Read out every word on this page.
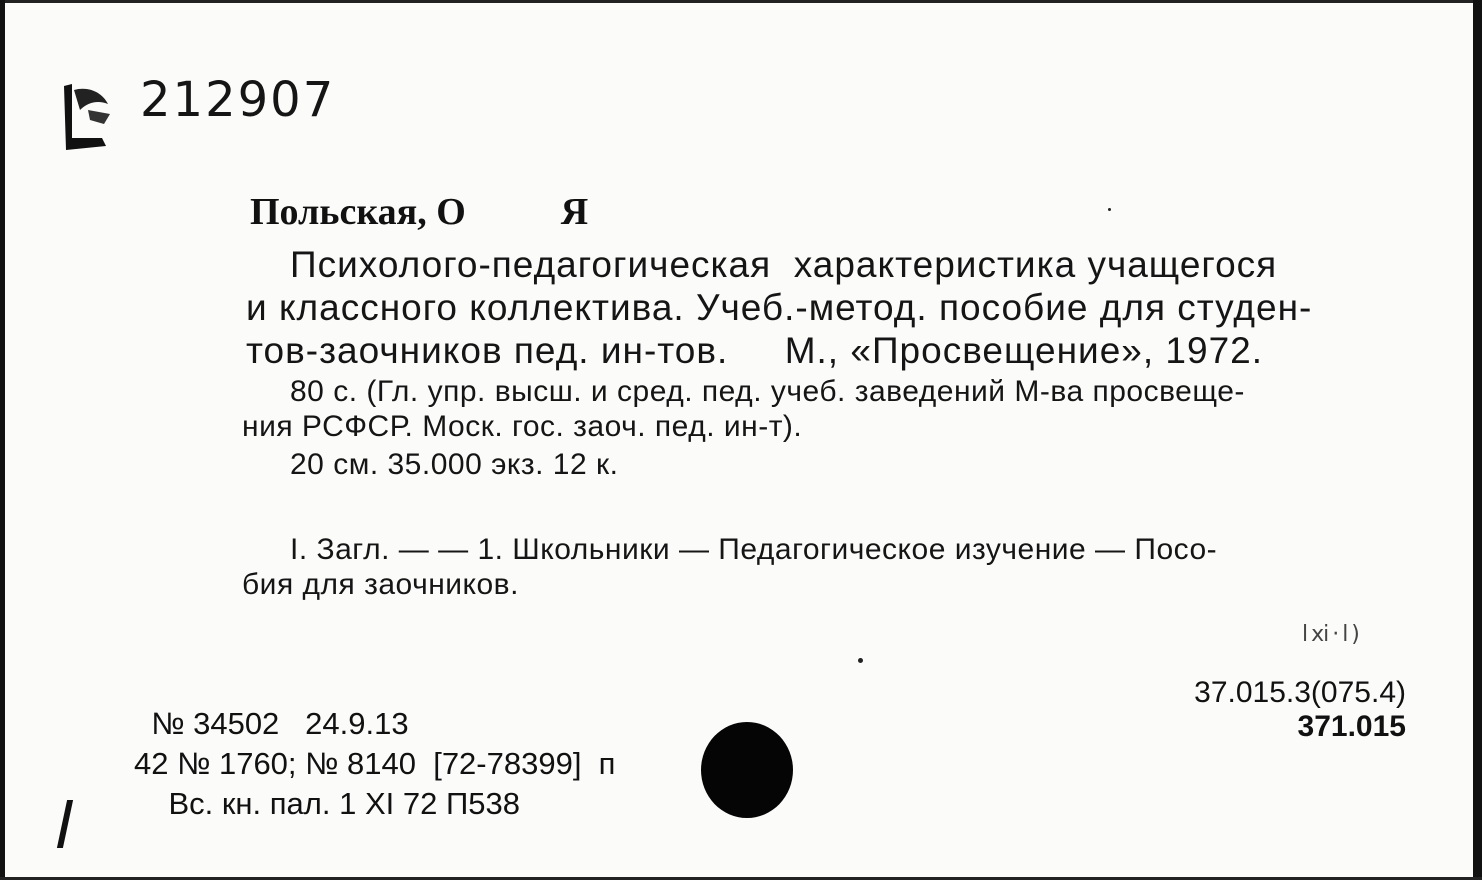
212907
Польская, О          Я
Психолого-педагогическая  характеристика учащегося
и классного коллектива. Учеб.-метод. пособие для студен-
тов-заочников пед. ин-тов.     М., «Просвещение», 1972.
80 с. (Гл. упр. высш. и сред. пед. учеб. заведений М-ва просвеще-
ния РСФСР. Моск. гос. заоч. пед. ин-т).
20 см. 35.000 экз. 12 к.
I. Загл. — — 1. Школьники — Педагогическое изучение — Посо-
бия для заочников.
ⅼⅺ·ⅼ)
37.015.3(075.4)
371.015
№ 34502   24.9.13
42 № 1760; № 8140  [72-78399]  п
Вс. кн. пал. 1 XI 72 П538
